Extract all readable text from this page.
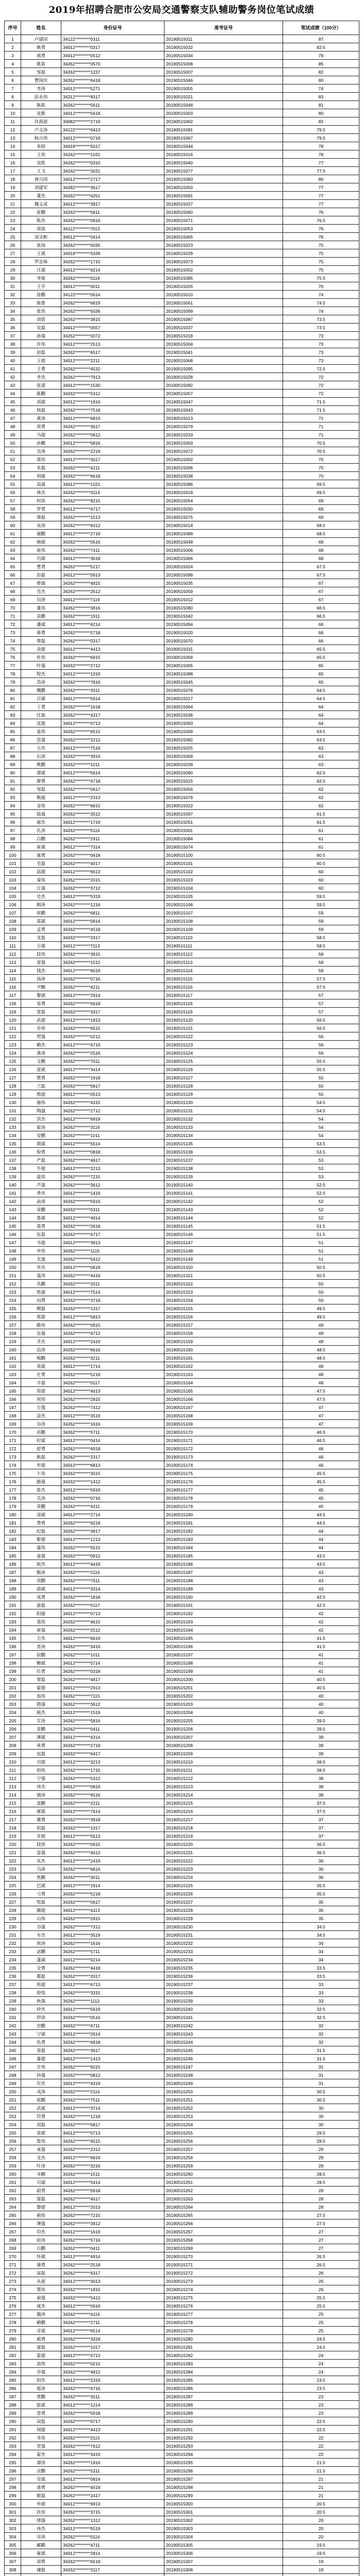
2019年招聘合肥市公安局交通警察支队辅助警务岗位笔试成绩
序号	姓名	身份证号	准考证号	笔试成绩（100分）
1	卢建国	34122*********0311	20190515011	87
2	姚勇	34012*********0317	20190515032	82.5
3	褚勇	34012*********0512	20190515034	79
4	陈雷	34262*********0570	20190515008	85
5	邹磊	34262*********1237	20190515007	82
6	曹国庆	34262*********6418	20190515046	80
7	李涛	34012*********5271	20190515055	74
8	彭永伟	34212*********8317	20190515021	83
9	陈振	34262*********5611	20190515048	81
10	沈新	34012*********5618	20190515003	80
11	许海波	34082*********2719	20190515062	82
12	卢文涛	34122*********0413	20190515081	79.5
13	杨兴伟	34012*********0718	20190515067	79.5
14	朱晓	34018*********5017	20190515044	78
15	王伟	34262*********1031	20190515016	78
16	吴胜	34262*********0310	20190515040	77
17	王飞	34242*********3031	20190515077	77.5
18	唐兴国	34012*********2717	20190515083	80
19	刘建军	34282*********3617	20190515050	77
20	董杰	34262*********4251	20190515091	77
21	魏义成	34012*********3917	20190515027	77
22	张鹏	34262*********5811	20190515060	76
23	陈杰	34262*********0816	20190515071	76.5
24	周波	34112*********7013	20190515053	76
25	刘文彬	34012*********0414	20190515065	76
26	张扬	34262*********0035	20190515023	75
27	王斌	34018*********5339	20190515029	75
28	罗忠林	34262*********1715	20190515073	75
29	汪斌	34012*********6214	20190515052	75
30	李俊	34262*********0119	20190515085	75.5
31	王平	34012*********0011	20190515026	76
32	徐鹏	34122*********0614	20190515010	74
33	陈维	34262*********6819	20190515061	74.5
34	张伟	34262*********5036	20190515099	74
35	刘雷	34262*********3815	20190515087	73.5
36	吴磊	34012*********0557	20190515037	73.5
37	孙强	34262*********0072	20190515018	73
38	许伟	34012*********2513	20190515004	73
39	赵磊	34262*********6517	20190515041	73
40	王超	34012*********2211	20190515068	73
41	王勇	34262*********4532	20190515095	72.5
42	李杰	34262*********7913	20190515028	72
43	张建	34012*********1530	20190515092	72
44	陈鹏	34262*********5312	20190515057	72
45	刘斌	34012*********1816	20190515047	71.5
46	杨磊	34262*********7518	20190515043	71.5
47	黄涛	34012*********6819	20190515013	71
48	周勇	34262*********3617	20190515079	71
49	马超	34262*********0812	20190515033	71
50	孙鹏	34012*********5816	20190515063	70.5
51	吴涛	34262*********2219	20190515072	70.5
52	郑伟	34012*********3017	20190515002	70
53	朱磊	34262*********4211	20190515096	70
54	胡斌	34262*********6618	20190515038	70
55	高强	34012*********1031	20190515086	69.5
56	林杰	34262*********3114	20190515019	69.5
57	何伟	34262*********8215	20190515054	69
58	罗勇	34012*********4717	20190515030	69
59	梁磊	34262*********1513	20190515075	69
60	宋涛	34262*********6312	20190515014	68.5
61	谢鹏	34012*********2719	20190515089	68.5
62	韩超	34262*********0516	20190515049	68
63	唐伟	34262*********7411	20190515006	68
64	冯斌	34012*********3618	20190515066	68
65	曹勇	34262*********5217	20190515024	67.5
66	彭磊	34012*********0913	20190515098	67.5
67	曾强	34262*********4815	20190515035	67
68	肖杰	34262*********2612	20190515059	67
69	田涛	34012*********7119	20190515012	67
70	董伟	34262*********3816	20190515080	66.5
71	袁鹏	34262*********1911	20190515042	66.5
72	潘斌	34012*********6214	20190515094	66
73	蒋勇	34262*********5718	20190515020	66
74	蔡磊	34262*********0317	20190515070	66
75	余超	34012*********4413	20190515031	65.5
76	杜伟	34262*********6915	20190515058	65.5
77	叶强	34262*********2712	20190515005	65
78	程杰	34012*********1319	20190515088	65
79	苏涛	34262*********7816	20190515045	65
80	魏鹏	34262*********3311	20190515076	64.5
81	吕斌	34012*********5914	20190515017	64.5
82	丁勇	34262*********1618	20190515064	64
83	任磊	34262*********4317	20190515036	64
84	沈超	34012*********0713	20190515093	64
85	姜伟	34262*********6515	20190515009	63.5
86	范强	34262*********2212	20190515082	63.5
87	方杰	34012*********7519	20190515025	63
88	石涛	34262*********3916	20190515069	63
89	姚鹏	34262*********1011	20190515039	63
90	谭斌	34012*********5614	20190515090	62.5
91	廖勇	34262*********4718	20190515015	62.5
92	邹磊	34262*********0617	20190515056	62
93	熊超	34012*********2313	20190515078	62
94	金伟	34262*********6815	20190515022	62
95	陆强	34262*********3512	20190515097	61.5
96	郝杰	34012*********1719	20190515051	61.5
97	孔涛	34262*********5116	20190515001	61
98	白鹏	34262*********2911	20190515084	61
99	崔斌	34012*********7314	20190515074	61
100	康勇	34262*********0418	20190515100	60.5
101	毛磊	34262*********4017	20190515101	60.5
102	邱超	34012*********6613	20190515102	60
103	秦伟	34262*********2015	20190515103	60
104	江强	34262*********3712	20190515104	60
105	史杰	34012*********5319	20190515105	59.5
106	顾涛	34262*********1216	20190515106	59.5
107	侯鹏	34262*********6811	20190515107	59
108	邵斌	34012*********0914	20190515108	59
109	孟勇	34262*********4518	20190515109	59
110	龙磊	34262*********2317	20190515110	58.5
111	万超	34012*********7113	20190515111	58.5
112	段伟	34262*********3815	20190515112	58
113	雷强	34262*********1512	20190515113	58
114	钱杰	34012*********6019	20190515114	58
115	汤涛	34262*********0716	20190515115	57.5
116	尹鹏	34262*********4211	20190515116	57.5
117	黎斌	34012*********2914	20190515117	57
118	易勇	34262*********5618	20190515118	57
119	常磊	34262*********3317	20190515119	57
120	武超	34012*********1813	20190515120	56.5
121	乔伟	34262*********6515	20190515121	56.5
122	贺强	34262*********0212	20190515122	56
123	赖杰	34012*********4719	20190515123	56
124	龚涛	34262*********2516	20190515124	56
125	文鹏	34262*********7011	20190515125	55.5
126	庞斌	34012*********3414	20190515126	55.5
127	樊勇	34262*********1918	20190515127	55
128	兰磊	34262*********5817	20190515128	55
129	殷超	34012*********0513	20190515129	55
130	施伟	34262*********4315	20190515130	54.5
131	陶强	34262*********2712	20190515131	54.5
132	洪杰	34012*********6919	20190515132	54
133	翟涛	34262*********3116	20190515133	54
134	安鹏	34262*********1011	20190515134	54
135	颜斌	34012*********5514	20190515135	53.5
136	倪勇	34262*********0818	20190515136	53.5
137	严磊	34262*********4617	20190515137	53
138	牛超	34012*********2213	20190515138	53
139	温伟	34262*********7215	20190515139	53
140	芦强	34262*********3612	20190515140	52.5
141	季杰	34012*********1419	20190515141	52.5
142	俞涛	34262*********5916	20190515142	52
143	章鹏	34262*********0311	20190515143	52
144	鲁斌	34012*********4814	20190515144	52
145	葛勇	34262*********2618	20190515145	51.5
146	伍磊	34262*********6717	20190515146	51.5
147	韦超	34012*********3913	20190515147	51
148	申伟	34262*********1115	20190515148	51
149	尤强	34262*********5412	20190515149	51
150	毕杰	34012*********0619	20190515150	50.5
151	聂涛	34262*********4416	20190515151	50.5
152	丛鹏	34262*********2011	20190515152	50
153	焦斌	34012*********7514	20190515153	50
154	向勇	34262*********3718	20190515154	50
155	柳磊	34262*********1317	20190515155	49.5
156	邢超	34012*********5813	20190515156	49.5
157	路伟	34262*********0915	20190515157	49
158	岳强	34262*********4712	20190515158	49
159	齐杰	34012*********2419	20190515159	49
160	沿涛	34262*********6616	20190515160	48.5
161	梅鹏	34262*********3211	20190515161	48.5
162	莫斌	34012*********1714	20190515162	48
163	庄勇	34262*********5218	20190515163	48
164	辛磊	34262*********0117	20190515164	48
165	管超	34012*********4613	20190515165	47.5
166	祝伟	34262*********2815	20190515166	47.5
167	左强	34262*********7412	20190515167	47
168	涂杰	34012*********3519	20190515168	47
169	谷涛	34262*********1616	20190515169	47
170	祁鹏	34262*********5711	20190515170	46.5
171	时斌	34012*********0414	20190515171	46.5
172	舒勇	34262*********4918	20190515172	46
173	耿磊	34262*********2317	20190515173	46
174	牟超	34012*********6813	20190515174	46
175	卜伟	34262*********3015	20190515175	45.5
176	路强	34262*********1412	20190515176	45.5
177	詹杰	34012*********5919	20190515177	45
178	关涛	34262*********0716	20190515178	45
179	苗鹏	34262*********4311	20190515179	45
180	凌斌	34012*********2714	20190515180	44.5
181	费勇	34262*********6218	20190515181	44.5
182	纪磊	34262*********3817	20190515182	44
183	靳超	34012*********1213	20190515183	44
184	盛伟	34262*********5515	20190515184	44
185	童强	34262*********0912	20190515185	43.5
186	欧杰	34012*********4419	20190515186	43.5
187	甄涛	34262*********2116	20190515187	43
188	项鹏	34262*********7611	20190515188	43
189	曲斌	34012*********3314	20190515189	43
190	成勇	34262*********1818	20190515190	42.5
191	游磊	34262*********5117	20190515191	42.5
192	阳超	34012*********0713	20190515192	42
193	裴伟	34262*********4615	20190515193	42
194	席强	34262*********2512	20190515194	42
195	卫杰	34012*********6619	20190515195	41.5
196	查涛	34262*********3416	20190515196	41.5
197	屈鹏	34262*********1011	20190515197	41
198	鲍斌	34012*********5714	20190515198	41
199	位勇	34262*********0318	20190515199	41
200	覃磊	34262*********4817	20190515200	40.5
201	霍超	34012*********2913	20190515201	40.5
202	翁伟	34262*********7115	20190515202	40
203	隋强	34262*********3612	20190515203	40
204	植杰	34012*********1519	20190515204	40
205	甘涛	34262*********5816	20190515205	39.5
206	景鹏	34262*********0411	20190515206	39.5
207	薄斌	34012*********4314	20190515207	39
208	单勇	34262*********2718	20190515208	39
209	包磊	34262*********6417	20190515209	39
210	司超	34012*********3213	20190515210	38.5
211	柏伟	34262*********1715	20190515211	38.5
212	宁强	34262*********5312	20190515212	38
213	冉杰	34012*********0819	20190515213	38
214	储涛	34262*********4516	20190515214	38
215	汲鹏	34262*********2211	20190515215	37.5
216	邴斌	34012*********7614	20190515216	37.5
217	糜勇	34262*********3918	20190515217	37
218	松磊	34262*********1317	20190515218	37
219	井超	34012*********5513	20190515219	37
220	段伟	34262*********0915	20190515220	36.5
221	富强	34262*********4612	20190515221	36.5
222	巫杰	34012*********2419	20190515222	36
223	乌涛	34262*********6816	20190515223	36
224	焦鹏	34262*********3011	20190515224	36
225	巴斌	34012*********1914	20190515225	35.5
226	弓勇	34262*********5218	20190515226	35.5
227	牧磊	34262*********0617	20190515227	35
228	隗超	34012*********4113	20190515228	35
229	山伟	34262*********2815	20190515229	35
230	谷强	34262*********7312	20190515230	34.5
231	车杰	34012*********3519	20190515231	34.5
232	侯涛	34262*********1616	20190515232	34
233	宓鹏	34262*********5711	20190515233	34
234	蓬斌	34012*********0214	20190515234	34
235	全勇	34262*********4418	20190515235	33.5
236	郗磊	34262*********2017	20190515236	33.5
237	班超	34012*********6713	20190515237	33
238	仰伟	34262*********3315	20190515238	33
239	秋强	34262*********1112	20190515239	33
240	仲杰	34012*********5619	20190515240	32.5
241	伊涛	34262*********0516	20190515241	32.5
242	宫鹏	34262*********4711	20190515242	32
243	宁斌	34012*********2614	20190515243	32
244	仇勇	34262*********6918	20190515244	32
245	栾磊	34262*********3617	20190515245	31.5
246	暴超	34012*********1413	20190515246	31.5
247	甘伟	34262*********5015	20190515247	31
248	钭强	34262*********0812	20190515248	31
249	厉杰	34012*********4319	20190515249	31
250	戎涛	34262*********2116	20190515250	30.5
251	祖鹏	34262*********7511	20190515251	30.5
252	武斌	34012*********3714	20190515252	30
253	符勇	34262*********1218	20190515253	30
254	刘磊	34262*********5817	20190515254	30
255	景超	34012*********0713	20190515255	29.5
256	詹伟	34262*********4515	20190515256	29.5
257	束强	34262*********2312	20190515257	29
258	龙杰	34012*********6819	20190515258	29
259	叶涛	34262*********3216	20190515259	29
260	幸鹏	34262*********1511	20190515260	28.5
261	司斌	34012*********5414	20190515261	28.5
262	韶勇	34262*********0918	20190515262	28
263	郜磊	34262*********4617	20190515263	28
264	黎超	34012*********2013	20190515264	28
265	蓟伟	34262*********7215	20190515265	27.5
266	薄强	34262*********3812	20190515266	27.5
267	印杰	34012*********1619	20190515267	27
268	宿涛	34262*********5716	20190515268	27
269	白鹏	34262*********0411	20190515269	27
270	怀斌	34012*********4914	20190515270	26.5
271	蒲勇	34262*********2518	20190515271	26.5
272	邰磊	34262*********6317	20190515272	26
273	从超	34012*********3013	20190515273	26
274	鄂伟	34262*********1815	20190515274	26
275	索强	34262*********5412	20190515275	25.5
276	咸杰	34012*********0619	20190515276	25.5
277	籍涛	34262*********4116	20190515277	25
278	赖鹏	34262*********2711	20190515278	25
279	卓斌	34012*********6514	20190515279	25
280	蔺勇	34262*********3318	20190515280	24.5
281	屠磊	34262*********1017	20190515281	24.5
282	蒙超	34012*********5713	20190515282	24
283	池伟	34262*********0215	20190515283	24
284	乔强	34262*********4812	20190515284	24
285	阴杰	34012*********2319	20190515285	23.5
286	郁涛	34262*********6716	20190515286	23.5
287	胥鹏	34262*********3511	20190515287	23
288	能斌	34012*********1214	20190515288	23
289	苍勇	34262*********5918	20190515289	23
290	双磊	34262*********0717	20190515290	22.5
291	闻超	34012*********4413	20190515291	22.5
292	莘伟	34262*********2115	20190515292	22
293	党强	34262*********7612	20190515293	22
294	翟杰	34012*********3419	20190515294	22
295	谭涛	34262*********1916	20190515295	21.5
296	贡鹏	34262*********5311	20190515296	21.5
297	劳斌	34012*********0814	20190515297	21
298	逄勇	34262*********4618	20190515298	21
299	姬磊	34262*********2417	20190515299	21
300	申超	34012*********6913	20190515300	20.5
301	扶伟	34262*********3715	20190515301	20.5
302	堵强	34262*********1312	20190515302	20
303	冉杰	34012*********5519	20190515303	20
304	宰涛	34262*********0116	20190515304	20
305	郦鹏	34262*********4711	20190515305	19.5
306	雍斌	34012*********2814	20190515306	19.5
307	却勇	34262*********6518	20190515307	19
308	璩磊	34262*********3117	20190515308	19
